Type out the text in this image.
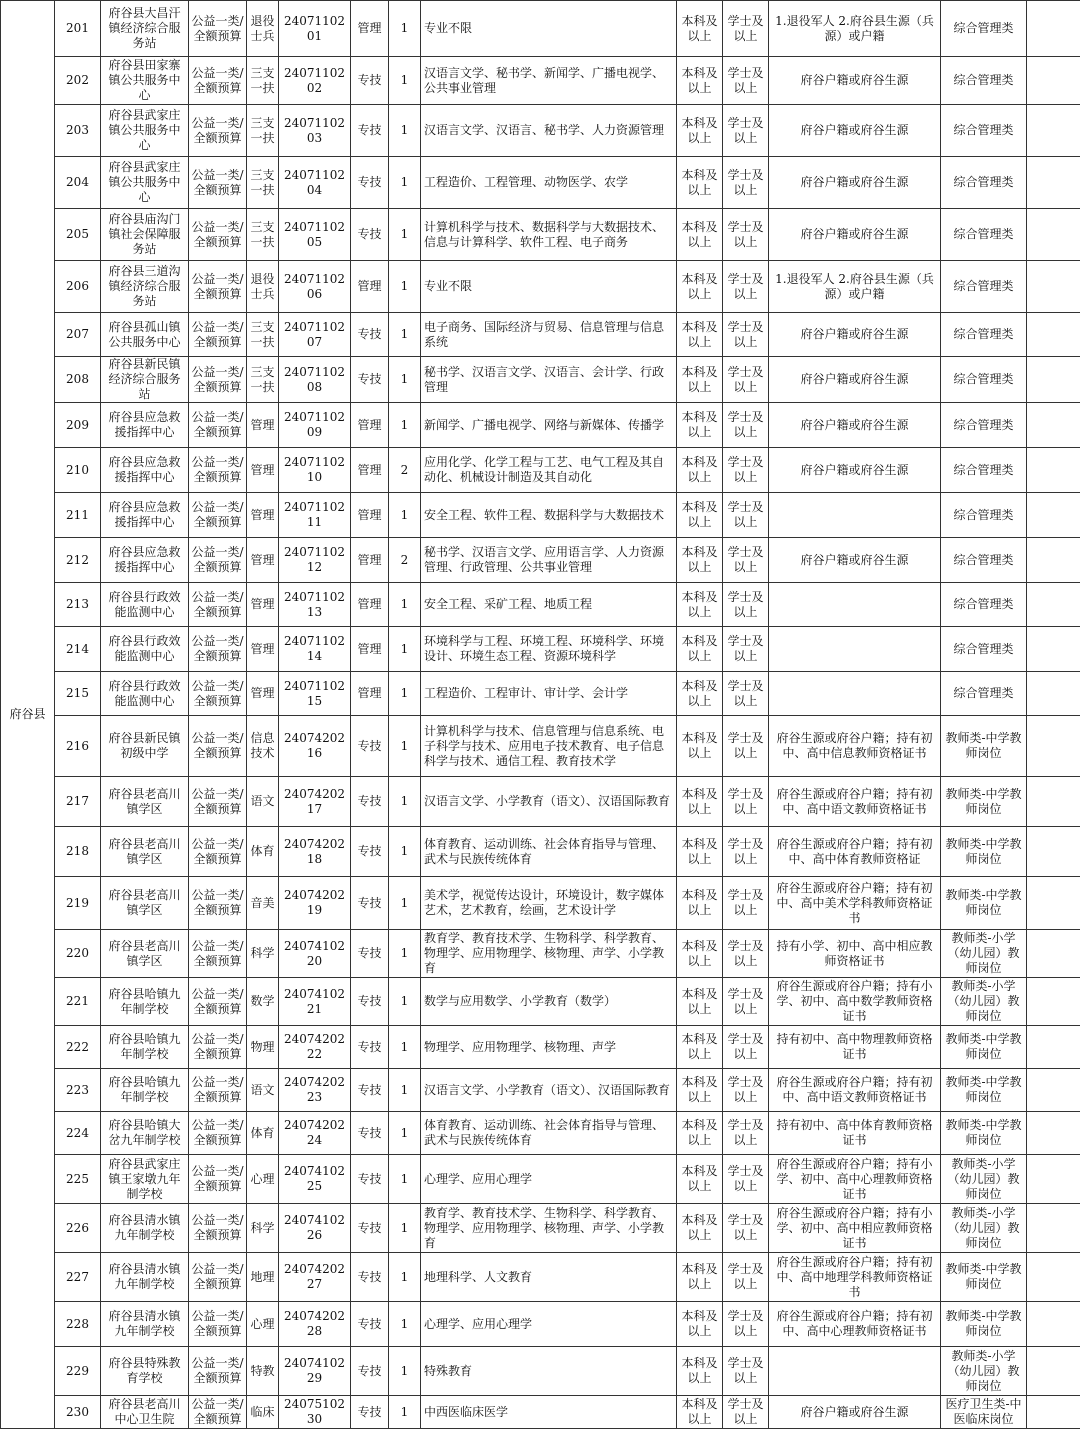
府谷县	201	府谷县大昌汗镇经济综合服务站	公益一类/全额预算	退役士兵	2407110201	管理	1	专业不限	本科及以上	学士及以上	1.退役军人 2.府谷县生源（兵源）或户籍	综合管理类	
	202	府谷县田家寨镇公共服务中心	公益一类/全额预算	三支一扶	2407110202	专技	1	汉语言文学、秘书学、新闻学、广播电视学、公共事业管理	本科及以上	学士及以上	府谷户籍或府谷生源	综合管理类	
	203	府谷县武家庄镇公共服务中心	公益一类/全额预算	三支一扶	2407110203	专技	1	汉语言文学、汉语言、秘书学、人力资源管理	本科及以上	学士及以上	府谷户籍或府谷生源	综合管理类	
	204	府谷县武家庄镇公共服务中心	公益一类/全额预算	三支一扶	2407110204	专技	1	工程造价、工程管理、动物医学、农学	本科及以上	学士及以上	府谷户籍或府谷生源	综合管理类	
	205	府谷县庙沟门镇社会保障服务站	公益一类/全额预算	三支一扶	2407110205	专技	1	计算机科学与技术、数据科学与大数据技术、信息与计算科学、软件工程、电子商务	本科及以上	学士及以上	府谷户籍或府谷生源	综合管理类	
	206	府谷县三道沟镇经济综合服务站	公益一类/全额预算	退役士兵	2407110206	管理	1	专业不限	本科及以上	学士及以上	1.退役军人 2.府谷县生源（兵源）或户籍	综合管理类	
	207	府谷县孤山镇公共服务中心	公益一类/全额预算	三支一扶	2407110207	专技	1	电子商务、国际经济与贸易、信息管理与信息系统	本科及以上	学士及以上	府谷户籍或府谷生源	综合管理类	
	208	府谷县新民镇经济综合服务站	公益一类/全额预算	三支一扶	2407110208	专技	1	秘书学、汉语言文学、汉语言、会计学、行政管理	本科及以上	学士及以上	府谷户籍或府谷生源	综合管理类	
	209	府谷县应急救援指挥中心	公益一类/全额预算	管理	2407110209	管理	1	新闻学、广播电视学、网络与新媒体、传播学	本科及以上	学士及以上	府谷户籍或府谷生源	综合管理类	
	210	府谷县应急救援指挥中心	公益一类/全额预算	管理	2407110210	管理	2	应用化学、化学工程与工艺、电气工程及其自动化、机械设计制造及其自动化	本科及以上	学士及以上	府谷户籍或府谷生源	综合管理类	
	211	府谷县应急救援指挥中心	公益一类/全额预算	管理	2407110211	管理	1	安全工程、软件工程、数据科学与大数据技术	本科及以上	学士及以上		综合管理类	
	212	府谷县应急救援指挥中心	公益一类/全额预算	管理	2407110212	管理	2	秘书学、汉语言文学、应用语言学、人力资源管理、行政管理、公共事业管理	本科及以上	学士及以上	府谷户籍或府谷生源	综合管理类	
	213	府谷县行政效能监测中心	公益一类/全额预算	管理	2407110213	管理	1	安全工程、采矿工程、地质工程	本科及以上	学士及以上		综合管理类	
	214	府谷县行政效能监测中心	公益一类/全额预算	管理	2407110214	管理	1	环境科学与工程、环境工程、环境科学、环境设计、环境生态工程、资源环境科学	本科及以上	学士及以上		综合管理类	
	215	府谷县行政效能监测中心	公益一类/全额预算	管理	2407110215	管理	1	工程造价、工程审计、审计学、会计学	本科及以上	学士及以上		综合管理类	
	216	府谷县新民镇初级中学	公益一类/全额预算	信息技术	2407420216	专技	1	计算机科学与技术、信息管理与信息系统、电子科学与技术、应用电子技术教育、电子信息科学与技术、通信工程、教育技术学	本科及以上	学士及以上	府谷生源或府谷户籍；持有初中、高中信息教师资格证书	教师类-中学教师岗位	
	217	府谷县老高川镇学区	公益一类/全额预算	语文	2407420217	专技	1	汉语言文学、小学教育（语文）、汉语国际教育	本科及以上	学士及以上	府谷生源或府谷户籍；持有初中、高中语文教师资格证书	教师类-中学教师岗位	
	218	府谷县老高川镇学区	公益一类/全额预算	体育	2407420218	专技	1	体育教育、运动训练、社会体育指导与管理、武术与民族传统体育	本科及以上	学士及以上	府谷生源或府谷户籍；持有初中、高中体育教师资格证	教师类-中学教师岗位	
	219	府谷县老高川镇学区	公益一类/全额预算	音美	2407420219	专技	1	美术学，视觉传达设计，环境设计，数字媒体艺术，艺术教育，绘画，艺术设计学	本科及以上	学士及以上	府谷生源或府谷户籍；持有初中、高中美术学科教师资格证书	教师类-中学教师岗位	
	220	府谷县老高川镇学区	公益一类/全额预算	科学	2407410220	专技	1	教育学、教育技术学、生物科学、科学教育、物理学、应用物理学、核物理、声学、小学教育	本科及以上	学士及以上	持有小学、初中、高中相应教师资格证书	教师类-小学（幼儿园）教师岗位	
	221	府谷县哈镇九年制学校	公益一类/全额预算	数学	2407410221	专技	1	数学与应用数学、小学教育（数学）	本科及以上	学士及以上	府谷生源或府谷户籍；持有小学、初中、高中数学教师资格证书	教师类-小学（幼儿园）教师岗位	
	222	府谷县哈镇九年制学校	公益一类/全额预算	物理	2407420222	专技	1	物理学、应用物理学、核物理、声学	本科及以上	学士及以上	持有初中、高中物理教师资格证书	教师类-中学教师岗位	
	223	府谷县哈镇九年制学校	公益一类/全额预算	语文	2407420223	专技	1	汉语言文学、小学教育（语文）、汉语国际教育	本科及以上	学士及以上	府谷生源或府谷户籍；持有初中、高中语文教师资格证书	教师类-中学教师岗位	
	224	府谷县哈镇大岔九年制学校	公益一类/全额预算	体育	2407420224	专技	1	体育教育、运动训练、社会体育指导与管理、武术与民族传统体育	本科及以上	学士及以上	持有初中、高中体育教师资格证书	教师类-中学教师岗位	
	225	府谷县武家庄镇王家墩九年制学校	公益一类/全额预算	心理	2407410225	专技	1	心理学、应用心理学	本科及以上	学士及以上	府谷生源或府谷户籍；持有小学、初中、高中心理教师资格证书	教师类-小学（幼儿园）教师岗位	
	226	府谷县清水镇九年制学校	公益一类/全额预算	科学	2407410226	专技	1	教育学、教育技术学、生物科学、科学教育、物理学、应用物理学、核物理、声学、小学教育	本科及以上	学士及以上	府谷生源或府谷户籍；持有小学、初中、高中相应教师资格证书	教师类-小学（幼儿园）教师岗位	
	227	府谷县清水镇九年制学校	公益一类/全额预算	地理	2407420227	专技	1	地理科学、人文教育	本科及以上	学士及以上	府谷生源或府谷户籍；持有初中、高中地理学科教师资格证书	教师类-中学教师岗位	
	228	府谷县清水镇九年制学校	公益一类/全额预算	心理	2407420228	专技	1	心理学、应用心理学	本科及以上	学士及以上	府谷生源或府谷户籍；持有初中、高中心理教师资格证书	教师类-中学教师岗位	
	229	府谷县特殊教育学校	公益一类/全额预算	特教	2407410229	专技	1	特殊教育	本科及以上	学士及以上		教师类-小学（幼儿园）教师岗位	
	230	府谷县老高川中心卫生院	公益一类/全额预算	临床	2407510230	专技	1	中西医临床医学	本科及以上	学士及以上	府谷户籍或府谷生源	医疗卫生类-中医临床岗位	
